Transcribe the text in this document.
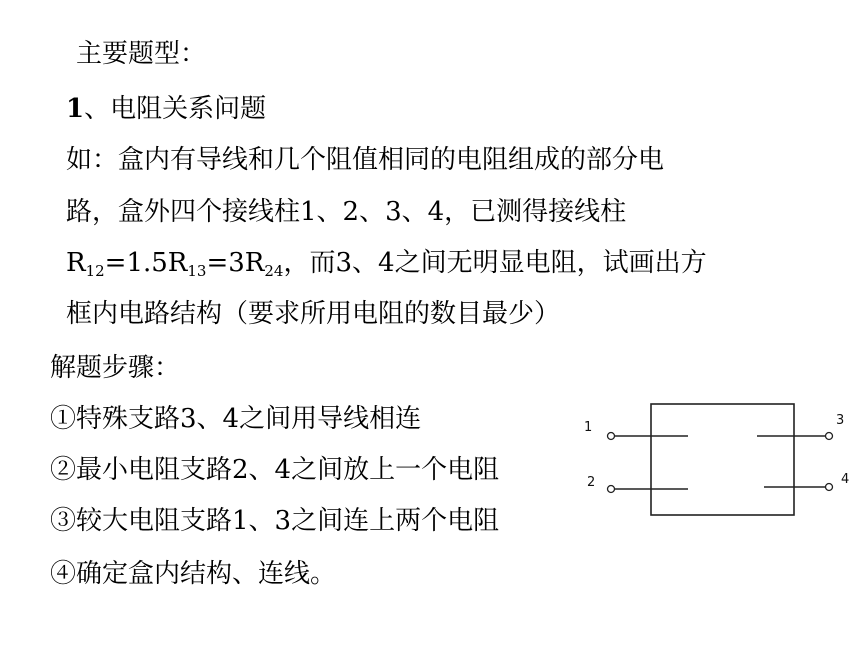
主要题型：
1、电阻关系问题
如：盒内有导线和几个阻值相同的电阻组成的部分电
路，盒外四个接线柱1、2、3、4，已测得接线柱
$R_{12}=1.5R_{13}=3R_{24}$，而3、4之间无明显电阻，试画出方
框内电路结构（要求所用电阻的数目最少）
解题步骤：
①特殊支路3、4之间用导线相连
②最小电阻支路2、4之间放上一个电阻
③较大电阻支路1、3之间连上两个电阻
④确定盒内结构、连线。
1
2
3
4
